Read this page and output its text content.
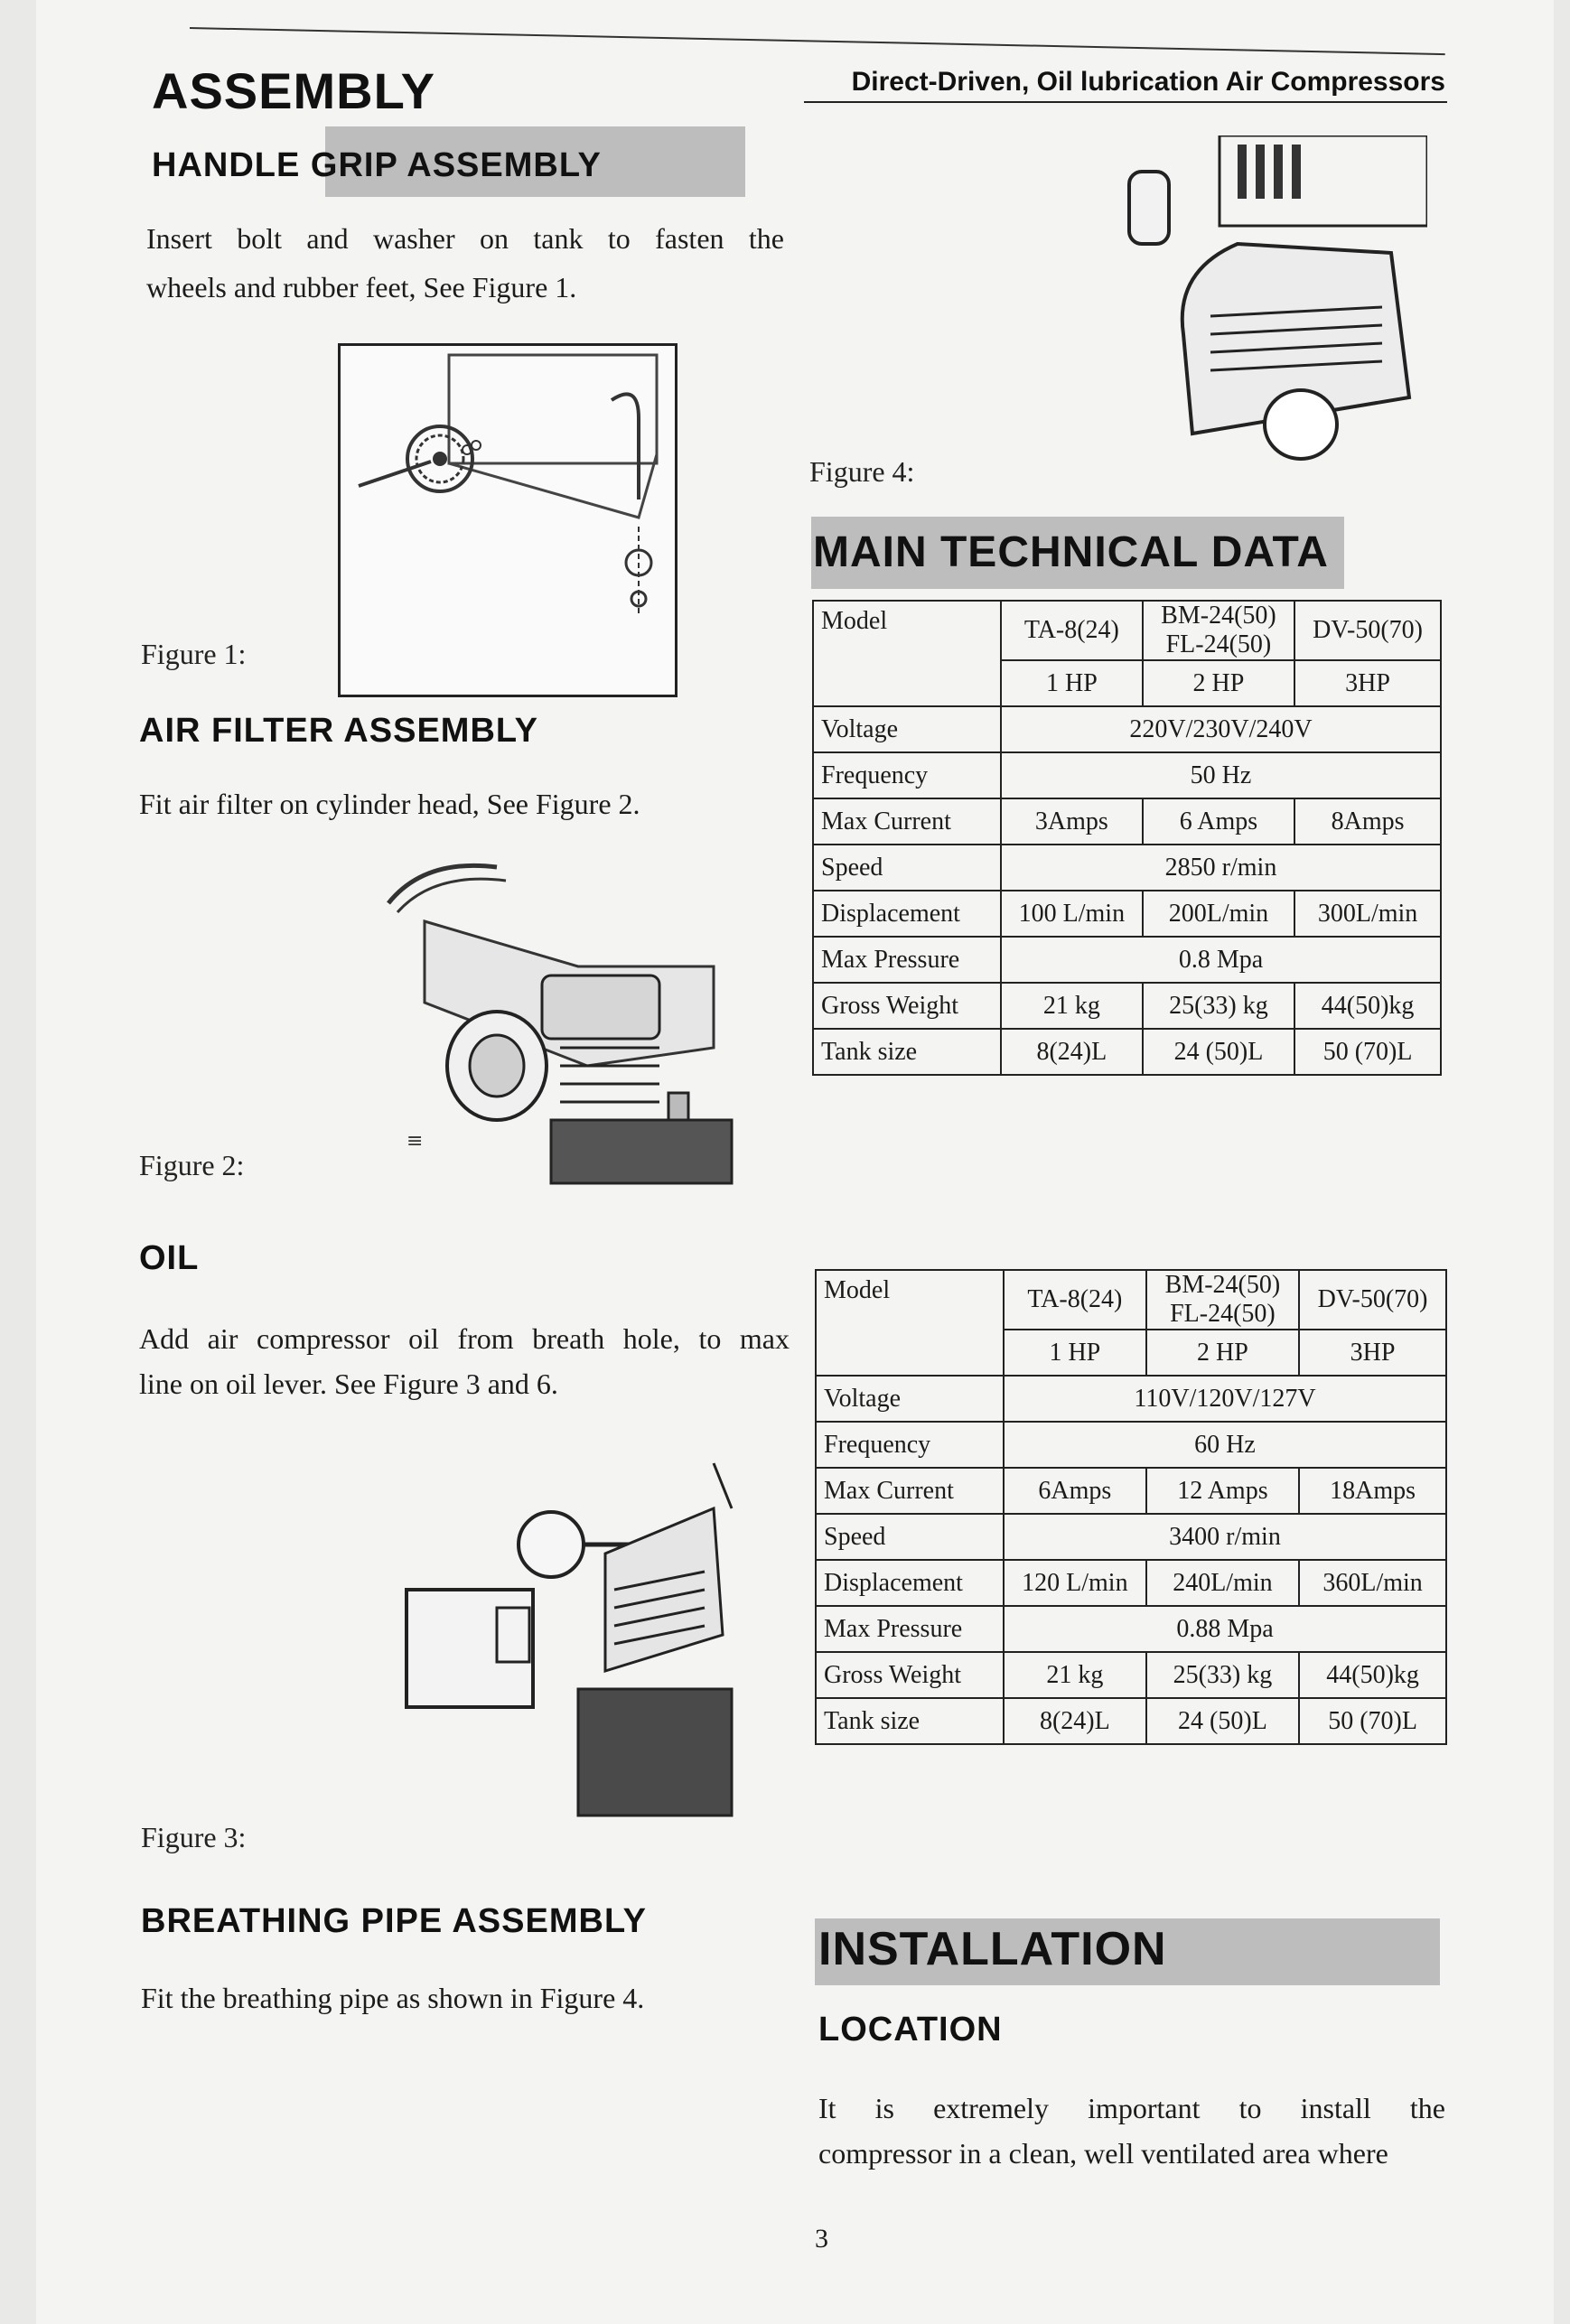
Direct-Driven, Oil lubrication Air Compressors
ASSEMBLY
HANDLE GRIP ASSEMBLY
Insert bolt and washer on tank to fasten the
wheels and rubber feet, See Figure 1.
Figure 1:
AIR FILTER ASSEMBLY
Fit air filter on cylinder head, See Figure 2.
≡
Figure 2:
OIL
Add air compressor oil from breath hole, to max
line on oil lever. See Figure 3 and 6.
Figure 3:
BREATHING PIPE ASSEMBLY
Fit the breathing pipe as shown in Figure 4.
Figure 4:
MAIN TECHNICAL DATA
Model	TA-8(24)	BM-24(50)
FL-24(50)	DV-50(70)
	1 HP	2 HP	3HP
Voltage	220V/230V/240V		
Frequency	50 Hz		
Max Current	3Amps	6 Amps	8Amps
Speed	2850 r/min		
Displacement	100 L/min	200L/min	300L/min
Max Pressure	0.8 Mpa		
Gross Weight	21 kg	25(33) kg	44(50)kg
Tank size	8(24)L	24 (50)L	50 (70)L
Model	TA-8(24)	BM-24(50)
FL-24(50)	DV-50(70)
	1 HP	2 HP	3HP
Voltage	110V/120V/127V		
Frequency	60 Hz		
Max Current	6Amps	12 Amps	18Amps
Speed	3400 r/min		
Displacement	120 L/min	240L/min	360L/min
Max Pressure	0.88 Mpa		
Gross Weight	21 kg	25(33) kg	44(50)kg
Tank size	8(24)L	24 (50)L	50 (70)L
INSTALLATION
LOCATION
It is extremely important to install the
compressor in a clean, well ventilated area where
3
